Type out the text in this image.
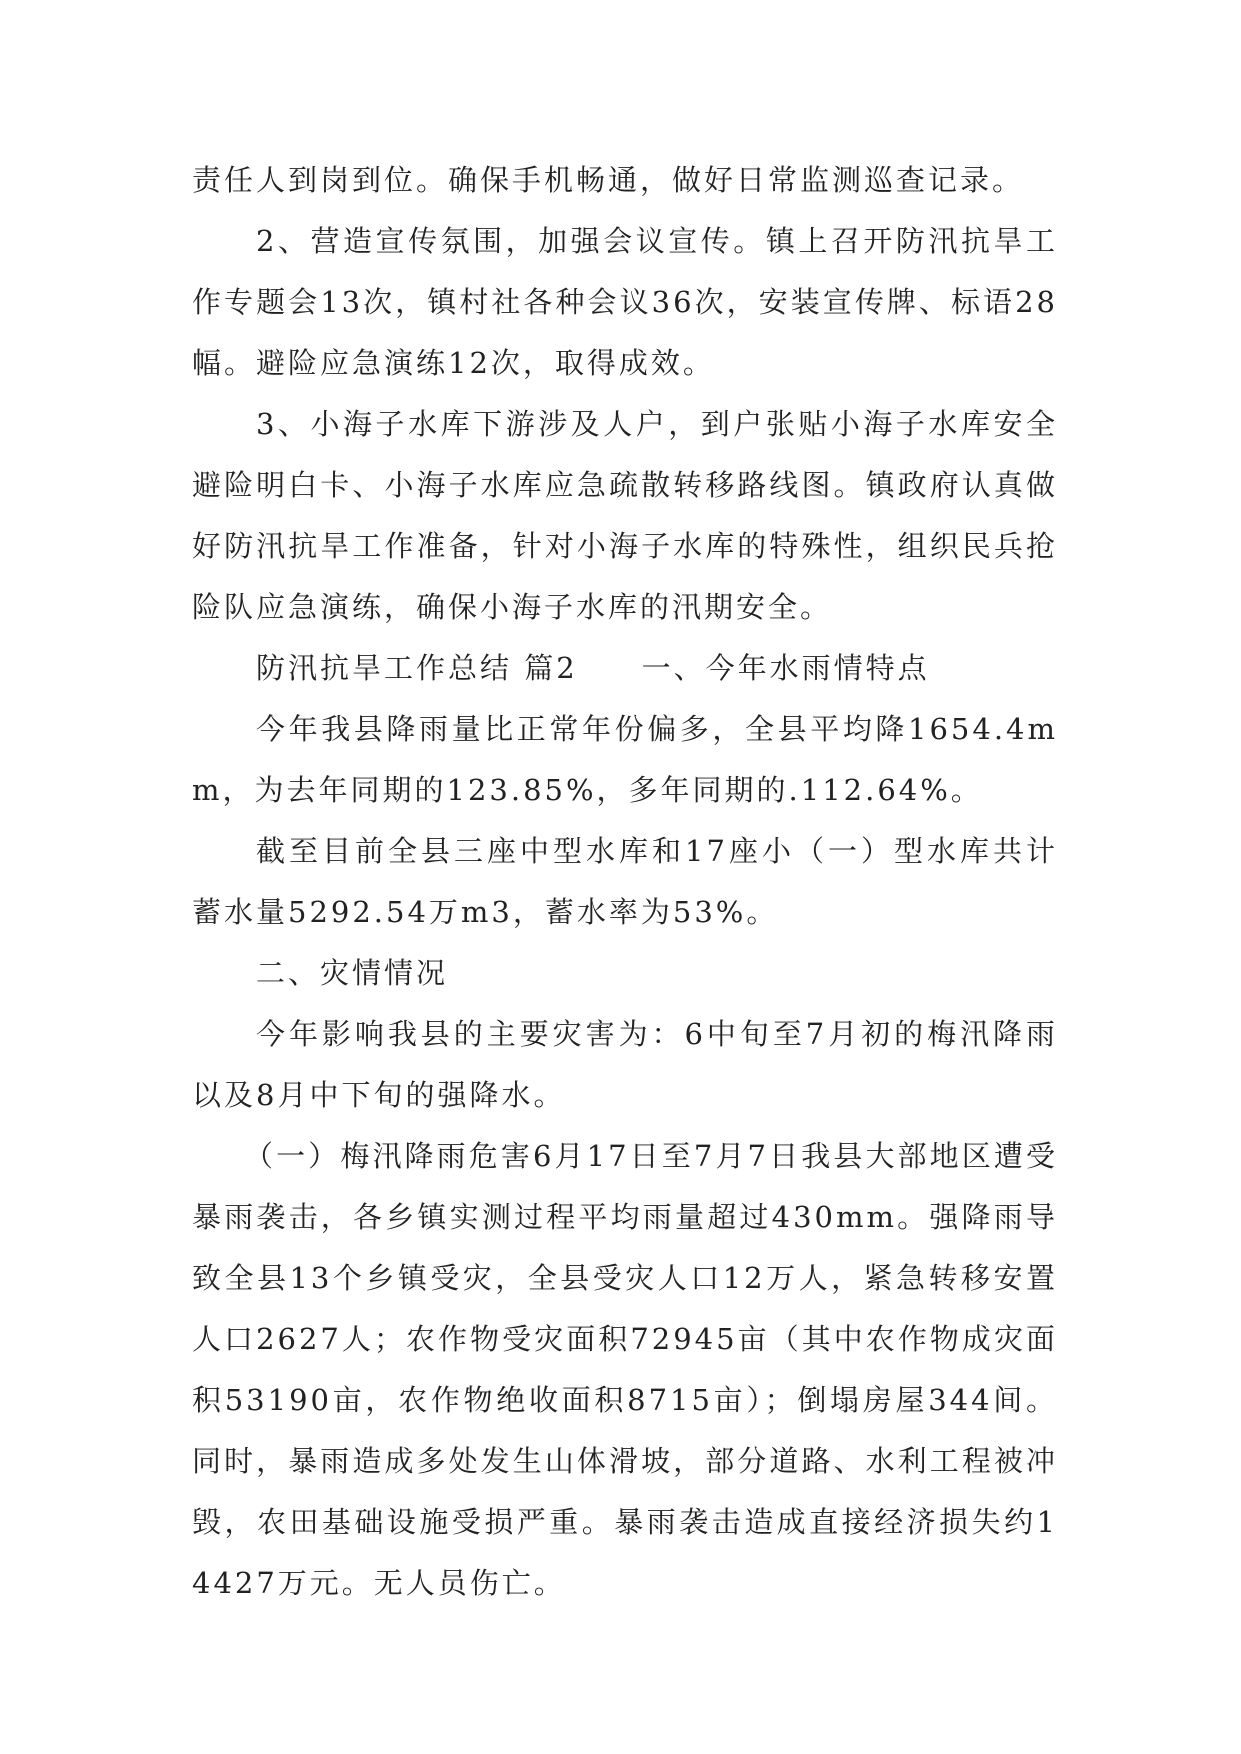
责任人到岗到位。确保手机畅通，做好日常监测巡查记录。

2、营造宣传氛围，加强会议宣传。镇上召开防汛抗旱工作专题会13次，镇村社各种会议36次，安装宣传牌、标语28幅。避险应急演练12次，取得成效。

3、小海子水库下游涉及人户，到户张贴小海子水库安全避险明白卡、小海子水库应急疏散转移路线图。镇政府认真做好防汛抗旱工作准备，针对小海子水库的特殊性，组织民兵抢险队应急演练，确保小海子水库的汛期安全。

防汛抗旱工作总结 篇2 一、今年水雨情特点

今年我县降雨量比正常年份偏多，全县平均降1654.4mm，为去年同期的123.85%，多年同期的.112.64%。

截至目前全县三座中型水库和17座小（一）型水库共计蓄水量5292.54万m3，蓄水率为53%。

二、灾情情况

今年影响我县的主要灾害为：6中旬至7月初的梅汛降雨以及8月中下旬的强降水。

（一）梅汛降雨危害6月17日至7月7日我县大部地区遭受暴雨袭击，各乡镇实测过程平均雨量超过430mm。强降雨导致全县13个乡镇受灾，全县受灾人口12万人，紧急转移安置人口2627人；农作物受灾面积72945亩（其中农作物成灾面积53190亩，农作物绝收面积8715亩）；倒塌房屋344间。同时，暴雨造成多处发生山体滑坡，部分道路、水利工程被冲毁，农田基础设施受损严重。暴雨袭击造成直接经济损失约14427万元。无人员伤亡。
